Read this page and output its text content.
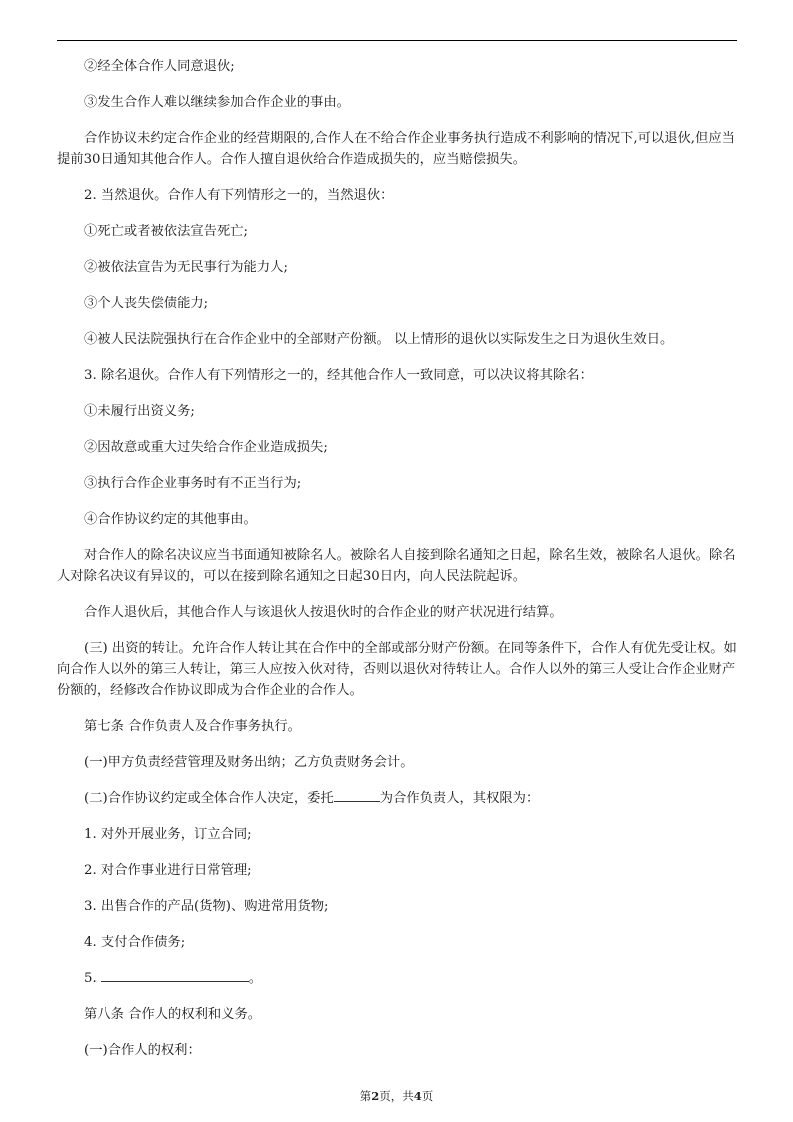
②经全体合作人同意退伙;

③发生合作人难以继续参加合作企业的事由。

合作协议未约定合作企业的经营期限的,合作人在不给合作企业事务执行造成不利影响的情况下,可以退伙,但应当提前30日通知其他合作人。合作人擅自退伙给合作造成损失的，应当赔偿损失。

2. 当然退伙。合作人有下列情形之一的，当然退伙：

①死亡或者被依法宣告死亡;

②被依法宣告为无民事行为能力人;

③个人丧失偿债能力;

④被人民法院强执行在合作企业中的全部财产份额。 以上情形的退伙以实际发生之日为退伙生效日。

3. 除名退伙。合作人有下列情形之一的，经其他合作人一致同意，可以决议将其除名：

①未履行出资义务;

②因故意或重大过失给合作企业造成损失;

③执行合作企业事务时有不正当行为;

④合作协议约定的其他事由。

对合作人的除名决议应当书面通知被除名人。被除名人自接到除名通知之日起，除名生效，被除名人退伙。除名人对除名决议有异议的，可以在接到除名通知之日起30日内，向人民法院起诉。

合作人退伙后，其他合作人与该退伙人按退伙时的合作企业的财产状况进行结算。

(三) 出资的转让。允许合作人转让其在合作中的全部或部分财产份额。在同等条件下，合作人有优先受让权。如向合作人以外的第三人转让，第三人应按入伙对待，否则以退伙对待转让人。合作人以外的第三人受让合作企业财产份额的，经修改合作协议即成为合作企业的合作人。

第七条 合作负责人及合作事务执行。

(一)甲方负责经营管理及财务出纳；乙方负责财务会计。

(二)合作协议约定或全体合作人决定，委托	为合作负责人，其权限为：

1. 对外开展业务，订立合同;

2. 对合作事业进行日常管理;

3. 出售合作的产品(货物)、购进常用货物;

4. 支付合作债务;

5.	。

第八条 合作人的权利和义务。

(一)合作人的权利：

第2页，共4页
